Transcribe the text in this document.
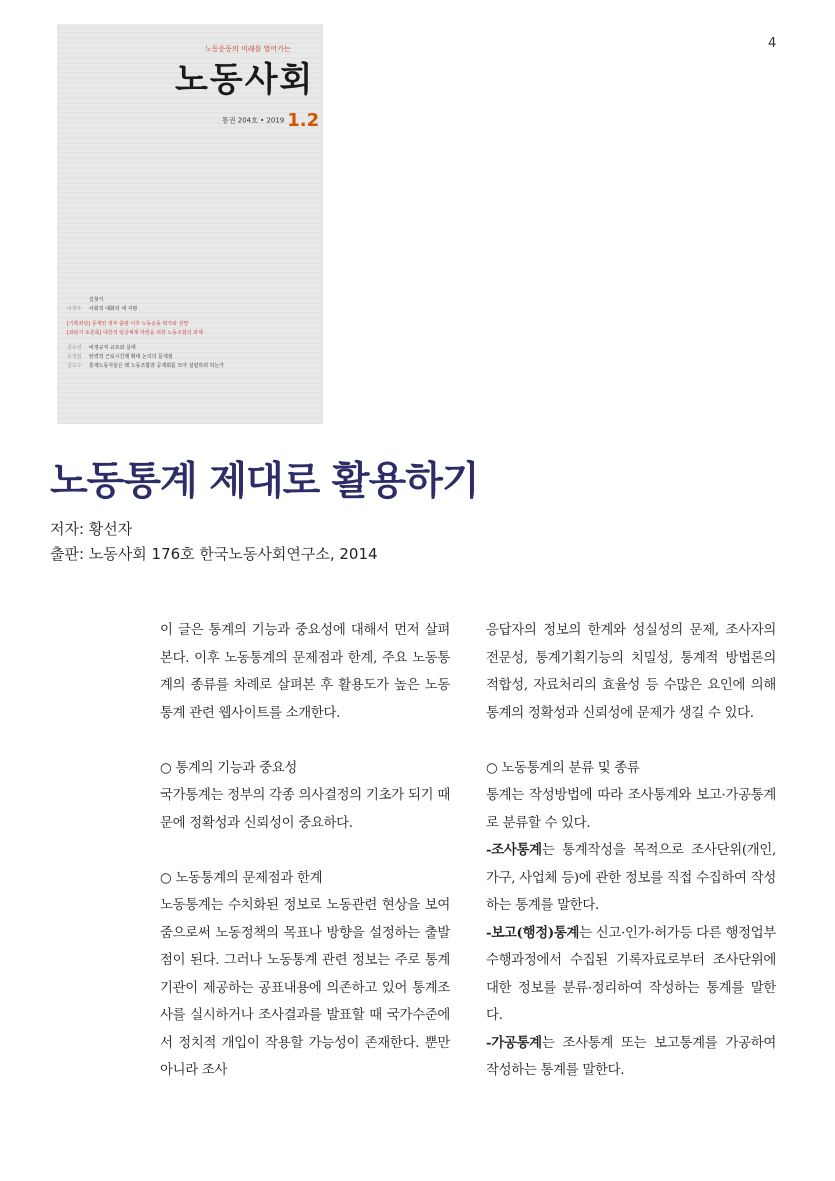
4
노동운동의 미래를 열어가는
노동사회
통권 204호 • 2019 1.2
길찾기
이창우 사회적 대화의 새 지평
[기획좌담] 문재인 정부 출범 이후 노동운동 평가와 전망
[좌판기 토론회] 대한적 임금체계 마련을 위한 노동조합의 과제
김유선 비정규직 규모와 실태
유정엽 탄력적 근로시간제 확대 논의의 문제점
김도수 통계노동자들은 왜 노동조합과 공제회를 모아 설립하려 하는가
노동통계 제대로 활용하기
저자: 황선자
출판: 노동사회 176호 한국노동사회연구소, 2014

이 글은 통계의 기능과 중요성에 대해서 먼저 살펴본다. 이후 노동통계의 문제점과 한계, 주요 노동통계의 종류를 차례로 살펴본 후 활용도가 높은 노동통계 관련 웹사이트를 소개한다.

○ 통계의 기능과 중요성

국가통계는 정부의 각종 의사결정의 기초가 되기 때문에 정확성과 신뢰성이 중요하다.

○ 노동통계의 문제점과 한계

노동통계는 수치화된 정보로 노동관련 현상을 보여줌으로써 노동정책의 목표나 방향을 설정하는 출발점이 된다. 그러나 노동통계 관련 정보는 주로 통계기관이 제공하는 공표내용에 의존하고 있어 통계조사를 실시하거나 조사결과를 발표할 때 국가수준에서 정치적 개입이 작용할 가능성이 존재한다. 뿐만 아니라 조사

응답자의 정보의 한계와 성실성의 문제, 조사자의 전문성, 통계기획기능의 치밀성, 통계적 방법론의 적합성, 자료처리의 효율성 등 수많은 요인에 의해 통계의 정확성과 신뢰성에 문제가 생길 수 있다.

○ 노동통계의 분류 및 종류

통계는 작성방법에 따라 조사통계와 보고·가공통계로 분류할 수 있다.

-조사통계는 통계작성을 목적으로 조사단위(개인, 가구, 사업체 등)에 관한 정보를 직접 수집하여 작성하는 통계를 말한다.

-보고(행정)통계는 신고·인가·허가등 다른 행정업부 수행과정에서 수집된 기록자료로부터 조사단위에 대한 정보를 분류·정리하여 작성하는 통계를 말한다.

-가공통계는 조사통계 또는 보고통계를 가공하여 작성하는 통계를 말한다.
